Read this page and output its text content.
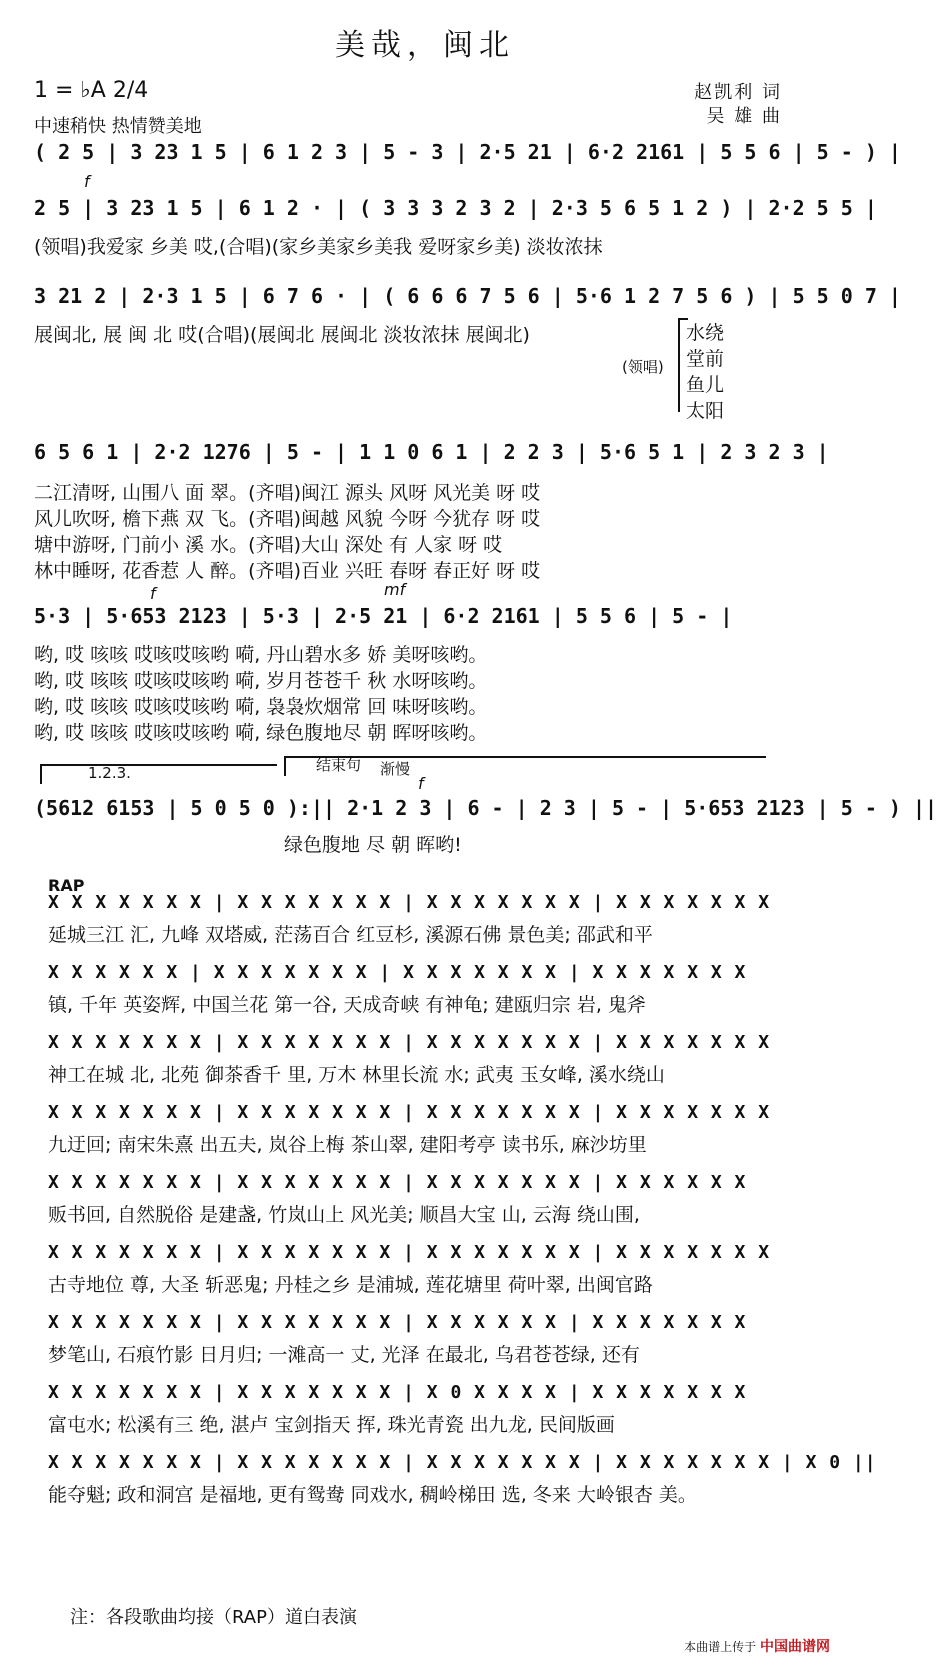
美哉，闽北
1 = ♭A 2/4
中速稍快 热情赞美地
赵凯利 词
吴 雄 曲
( 2 5 | 3 23 1 5 | 6 1 2 3 | 5 - 3 | 2·5 21 | 6·2 2161 | 5 5 6 | 5 - ) |
f
2 5 | 3 23 1 5 | 6 1 2 · | ( 3 3 3 2 3 2 | 2·3 5 6 5 1 2 ) | 2·2 5 5 |
(领唱)我爱家 乡美 哎,(合唱)(家乡美家乡美我 爱呀家乡美) 淡妆浓抹
3 21 2 | 2·3 1 5 | 6 7 6 · | ( 6 6 6 7 5 6 | 5·6 1 2 7 5 6 ) | 5 5 0 7 |
展闽北, 展 闽 北 哎(合唱)(展闽北 展闽北 淡妆浓抹 展闽北)
(领唱)
水绕
堂前
鱼儿
太阳
6 5 6 1 | 2·2 1276 | 5 - | 1 1 0 6 1 | 2 2 3 | 5·6 5 1 | 2 3 2 3 |
二江清呀, 山围八 面 翠。(齐唱)闽江 源头 风呀 风光美 呀 哎
风儿吹呀, 檐下燕 双 飞。(齐唱)闽越 风貌 今呀 今犹存 呀 哎
塘中游呀, 门前小 溪 水。(齐唱)大山 深处 有 人家 呀 哎
林中睡呀, 花香惹 人 醉。(齐唱)百业 兴旺 春呀 春正好 呀 哎
f	mf
5·3 | 5·653 2123 | 5·3 | 2·5 21 | 6·2 2161 | 5 5 6 | 5 - |
哟, 哎 咳咳 哎咳哎咳哟 嗬, 丹山碧水多 娇 美呀咳哟。
哟, 哎 咳咳 哎咳哎咳哟 嗬, 岁月苍苍千 秋 水呀咳哟。
哟, 哎 咳咳 哎咳哎咳哟 嗬, 袅袅炊烟常 回 味呀咳哟。
哟, 哎 咳咳 哎咳哎咳哟 嗬, 绿色腹地尽 朝 晖呀咳哟。
1.2.3.	结束句 渐慢
f
(5612 6153 | 5 0 5 0 ):|| 2·1 2 3 | 6 - | 2 3 | 5 - | 5·653 2123 | 5 - ) ||
绿色腹地 尽 朝 晖哟!
RAP
X X X X X X X | X X X X X X X | X X X X X X X | X X X X X X X
延城三江 汇, 九峰 双塔威, 茫荡百合 红豆杉, 溪源石佛 景色美; 邵武和平
X X X X X X | X X X X X X X | X X X X X X X | X X X X X X X
镇, 千年 英姿辉, 中国兰花 第一谷, 天成奇峡 有神龟; 建瓯归宗 岩, 鬼斧
X X X X X X X | X X X X X X X | X X X X X X X | X X X X X X X
神工在城 北, 北苑 御茶香千 里, 万木 林里长流 水; 武夷 玉女峰, 溪水绕山
X X X X X X X | X X X X X X X | X X X X X X X | X X X X X X X
九迂回; 南宋朱熹 出五夫, 岚谷上梅 茶山翠, 建阳考亭 读书乐, 麻沙坊里
X X X X X X X | X X X X X X X | X X X X X X X | X X X X X X
贩书回, 自然脱俗 是建盏, 竹岚山上 风光美; 顺昌大宝 山, 云海 绕山围,
X X X X X X X | X X X X X X X | X X X X X X X | X X X X X X X
古寺地位 尊, 大圣 斩恶鬼; 丹桂之乡 是浦城, 莲花塘里 荷叶翠, 出闽官路
X X X X X X X | X X X X X X X | X X X X X X | X X X X X X X
梦笔山, 石痕竹影 日月归; 一滩高一 丈, 光泽 在最北, 乌君苍苍绿, 还有
X X X X X X X | X X X X X X X | X 0 X X X X | X X X X X X X
富屯水; 松溪有三 绝, 湛卢 宝剑指天 挥, 珠光青瓷 出九龙, 民间版画
X X X X X X X | X X X X X X X | X X X X X X X | X X X X X X X | X 0 ||
能夺魁; 政和洞宫 是福地, 更有鸳鸯 同戏水, 稠岭梯田 选, 冬来 大岭银杏 美。
注：各段歌曲均接（RAP）道白表演
本曲谱上传于 中国曲谱网
